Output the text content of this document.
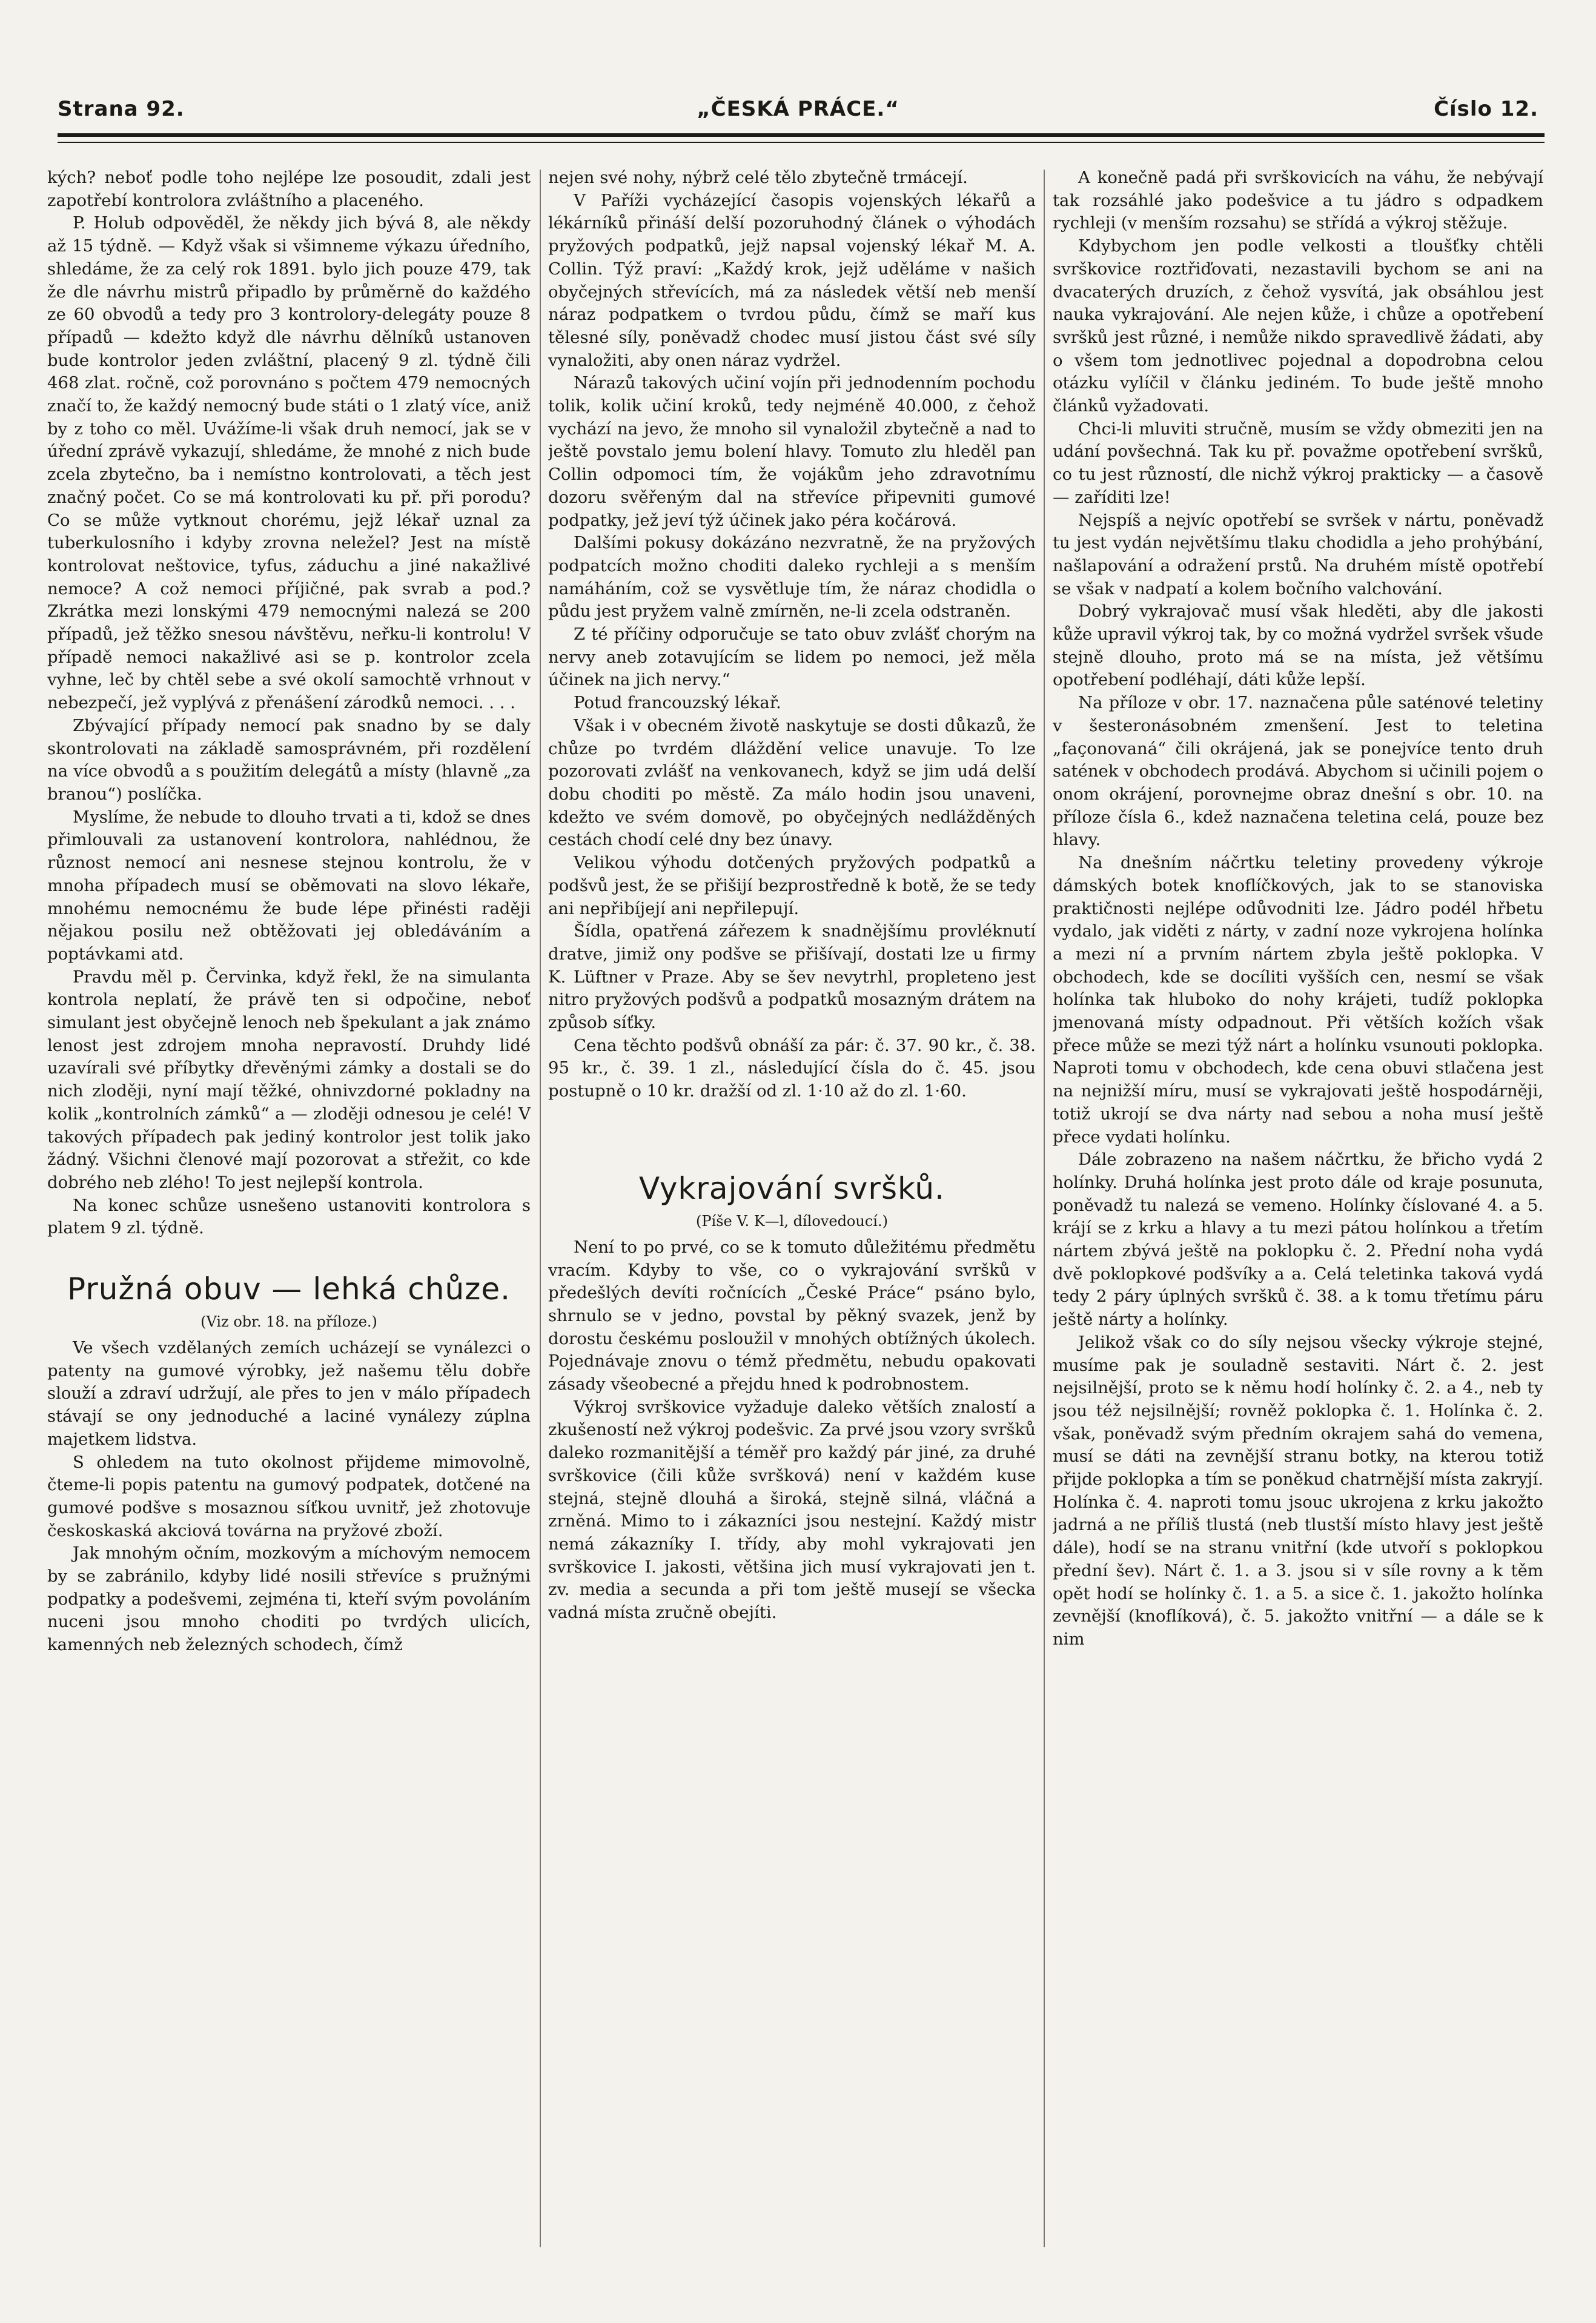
Strana 92.	„ČESKÁ PRÁCE.“	Číslo 12.

kých? neboť podle toho nejlépe lze posoudit, zdali jest zapotřebí kontrolora zvláštního a placeného.

P. Holub odpověděl, že někdy jich bývá 8, ale někdy až 15 týdně. — Když však si všimneme výkazu úředního, shledáme, že za celý rok 1891. bylo jich pouze 479, tak že dle návrhu mistrů připadlo by průměrně do každého ze 60 obvodů a tedy pro 3 kontrolory-delegáty pouze 8 případů — kdežto když dle návrhu dělníků ustanoven bude kontrolor jeden zvláštní, placený 9 zl. týdně čili 468 zlat. ročně, což porovnáno s počtem 479 nemocných značí to, že každý nemocný bude státi o 1 zlatý více, aniž by z toho co měl. Uvážíme-li však druh nemocí, jak se v úřední zprávě vykazují, shledáme, že mnohé z nich bude zcela zbytečno, ba i nemístno kontrolovati, a těch jest značný počet. Co se má kontrolovati ku př. při porodu? Co se může vytknout chorému, jejž lékař uznal za tuberkulosního i kdyby zrovna neležel? Jest na místě kontrolovat neštovice, tyfus, záduchu a jiné nakažlivé nemoce? A což nemoci příjičné, pak svrab a pod.? Zkrátka mezi lonskými 479 nemocnými nalezá se 200 případů, jež těžko snesou návštěvu, neřku-li kontrolu! V případě nemoci nakažlivé asi se p. kontrolor zcela vyhne, leč by chtěl sebe a své okolí samochtě vrhnout v nebezpečí, jež vyplývá z přenášení zárodků nemoci. . . .

Zbývající případy nemocí pak snadno by se daly skontrolovati na základě samosprávném, při rozdělení na více obvodů a s použitím delegátů a místy (hlavně „za branou“) poslíčka.

Myslíme, že nebude to dlouho trvati a ti, kdož se dnes přimlouvali za ustanovení kontrolora, nahlédnou, že různost nemocí ani nesnese stejnou kontrolu, že v mnoha případech musí se oběmovati na slovo lékaře, mnohému nemocnému že bude lépe přinésti raději nějakou posilu než obtěžovati jej obledáváním a poptávkami atd.

Pravdu měl p. Červinka, když řekl, že na simulanta kontrola neplatí, že právě ten si odpočine, neboť simulant jest obyčejně lenoch neb špekulant a jak známo lenost jest zdrojem mnoha nepravostí. Druhdy lidé uzavírali své příbytky dřevěnými zámky a dostali se do nich zloději, nyní mají těžké, ohnivzdorné pokladny na kolik „kontrolních zámků“ a — zloději odnesou je celé! V takových případech pak jediný kontrolor jest tolik jako žádný. Všichni členové mají pozorovat a střežit, co kde dobrého neb zlého! To jest nejlepší kontrola.

Na konec schůze usnešeno ustanoviti kontrolora s platem 9 zl. týdně.

Pružná obuv — lehká chůze.
(Viz obr. 18. na příloze.)

Ve všech vzdělaných zemích ucházejí se vynálezci o patenty na gumové výrobky, jež našemu tělu dobře slouží a zdraví udržují, ale přes to jen v málo případech stávají se ony jednoduché a laciné vynálezy zúplna majetkem lidstva.

S ohledem na tuto okolnost přijdeme mimovolně, čteme-li popis patentu na gumový podpatek, dotčené na gumové podšve s mosaznou síťkou uvnitř, jež zhotovuje českoskaská akciová továrna na pryžové zboží.

Jak mnohým očním, mozkovým a míchovým nemocem by se zabránilo, kdyby lidé nosili střevíce s pružnými podpatky a podešvemi, zejména ti, kteří svým povoláním nuceni jsou mnoho choditi po tvrdých ulicích, kamenných neb železných schodech, čímž

nejen své nohy, nýbrž celé tělo zbytečně trmácejí.

V Paříži vycházející časopis vojenských lékařů a lékárníků přináší delší pozoruhodný článek o výhodách pryžových podpatků, jejž napsal vojenský lékař M. A. Collin. Týž praví: „Každý krok, jejž uděláme v našich obyčejných střevících, má za následek větší neb menší náraz podpatkem o tvrdou půdu, čímž se maří kus tělesné síly, poněvadž chodec musí jistou část své síly vynaložiti, aby onen náraz vydržel.

Nárazů takových učiní vojín při jednodenním pochodu tolik, kolik učiní kroků, tedy nejméně 40.000, z čehož vychází na jevo, že mnoho sil vynaložil zbytečně a nad to ještě povstalo jemu bolení hlavy. Tomuto zlu hleděl pan Collin odpomoci tím, že vojákům jeho zdravotnímu dozoru svěřeným dal na střevíce připevniti gumové podpatky, jež jeví týž účinek jako péra kočárová.

Dalšími pokusy dokázáno nezvratně, že na pryžových podpatcích možno choditi daleko rychleji a s menším namáháním, což se vysvětluje tím, že náraz chodidla o půdu jest pryžem valně zmírněn, ne-li zcela odstraněn.

Z té příčiny odporučuje se tato obuv zvlášť chorým na nervy aneb zotavujícím se lidem po nemoci, jež měla účinek na jich nervy.“

Potud francouzský lékař.

Však i v obecném životě naskytuje se dosti důkazů, že chůze po tvrdém dláždění velice unavuje. To lze pozorovati zvlášť na venkovanech, když se jim udá delší dobu choditi po městě. Za málo hodin jsou unaveni, kdežto ve svém domově, po obyčejných nedlážděných cestách chodí celé dny bez únavy.

Velikou výhodu dotčených pryžových podpatků a podšvů jest, že se přišijí bezprostředně k botě, že se tedy ani nepřibíjejí ani nepřilepují.

Šídla, opatřená zářezem k snadnějšímu provléknutí dratve, jimiž ony podšve se přišívají, dostati lze u firmy K. Lüftner v Praze. Aby se šev nevytrhl, propleteno jest nitro pryžových podšvů a podpatků mosazným drátem na způsob síťky.

Cena těchto podšvů obnáší za pár: č. 37. 90 kr., č. 38. 95 kr., č. 39. 1 zl., následující čísla do č. 45. jsou postupně o 10 kr. dražší od zl. 1·10 až do zl. 1·60.

Vykrajování svršků.
(Píše V. K—l, dílovedoucí.)

Není to po prvé, co se k tomuto důležitému předmětu vracím. Kdyby to vše, co o vykrajování svršků v předešlých devíti ročnících „České Práce“ psáno bylo, shrnulo se v jedno, povstal by pěkný svazek, jenž by dorostu českému posloužil v mnohých obtížných úkolech. Pojednávaje znovu o témž předmětu, nebudu opakovati zásady všeobecné a přejdu hned k podrobnostem.

Výkroj svrškovice vyžaduje daleko větších znalostí a zkušeností než výkroj podešvic. Za prvé jsou vzory svršků daleko rozmanitější a téměř pro každý pár jiné, za druhé svrškovice (čili kůže svršková) není v každém kuse stejná, stejně dlouhá a široká, stejně silná, vláčná a zrněná. Mimo to i zákazníci jsou nestejní. Každý mistr nemá zákazníky I. třídy, aby mohl vykrajovati jen svrškovice I. jakosti, většina jich musí vykrajovati jen t. zv. media a secunda a při tom ještě musejí se všecka vadná místa zručně obejíti.

A konečně padá při svrškovicích na váhu, že nebývají tak rozsáhlé jako podešvice a tu jádro s odpadkem rychleji (v menším rozsahu) se střídá a výkroj stěžuje.

Kdybychom jen podle velkosti a tloušťky chtěli svrškovice roztřiďovati, nezastavili bychom se ani na dvacaterých druzích, z čehož vysvítá, jak obsáhlou jest nauka vykrajování. Ale nejen kůže, i chůze a opotřebení svršků jest různé, i nemůže nikdo spravedlivě žádati, aby o všem tom jednotlivec pojednal a dopodrobna celou otázku vylíčil v článku jediném. To bude ještě mnoho článků vyžadovati.

Chci-li mluviti stručně, musím se vždy obmeziti jen na udání povšechná. Tak ku př. považme opotřebení svršků, co tu jest růzností, dle nichž výkroj prakticky — a časově — zaříditi lze!

Nejspíš a nejvíc opotřebí se svršek v nártu, poněvadž tu jest vydán největšímu tlaku chodidla a jeho prohýbání, našlapování a odražení prstů. Na druhém místě opotřebí se však v nadpatí a kolem bočního valchování.

Dobrý vykrajovač musí však hleděti, aby dle jakosti kůže upravil výkroj tak, by co možná vydržel svršek všude stejně dlouho, proto má se na místa, jež většímu opotřebení podléhají, dáti kůže lepší.

Na příloze v obr. 17. naznačena půle saténové teletiny v šesteronásobném zmenšení. Jest to teletina „façonovaná“ čili okrájená, jak se ponejvíce tento druh satének v obchodech prodává. Abychom si učinili pojem o onom okrájení, porovnejme obraz dnešní s obr. 10. na příloze čísla 6., kdež naznačena teletina celá, pouze bez hlavy.

Na dnešním náčrtku teletiny provedeny výkroje dámských botek knoflíčkových, jak to se stanoviska praktičnosti nejlépe odůvodniti lze. Jádro podél hřbetu vydalo, jak viděti z nárty, v zadní noze vykrojena holínka a mezi ní a prvním nártem zbyla ještě poklopka. V obchodech, kde se docíliti vyšších cen, nesmí se však holínka tak hluboko do nohy krájeti, tudíž poklopka jmenovaná místy odpadnout. Při větších kožích však přece může se mezi týž nárt a holínku vsunouti poklopka. Naproti tomu v obchodech, kde cena obuvi stlačena jest na nejnižší míru, musí se vykrajovati ještě hospodárněji, totiž ukrojí se dva nárty nad sebou a noha musí ještě přece vydati holínku.

Dále zobrazeno na našem náčrtku, že břicho vydá 2 holínky. Druhá holínka jest proto dále od kraje posunuta, poněvadž tu nalezá se vemeno. Holínky číslované 4. a 5. krájí se z krku a hlavy a tu mezi pátou holínkou a třetím nártem zbývá ještě na poklopku č. 2. Přední noha vydá dvě poklopkové podšvíky a a. Celá teletinka taková vydá tedy 2 páry úplných svršků č. 38. a k tomu třetímu páru ještě nárty a holínky.

Jelikož však co do síly nejsou všecky výkroje stejné, musíme pak je souladně sestaviti. Nárt č. 2. jest nejsilnější, proto se k němu hodí holínky č. 2. a 4., neb ty jsou též nejsilnější; rovněž poklopka č. 1. Holínka č. 2. však, poněvadž svým předním okrajem sahá do vemena, musí se dáti na zevnější stranu botky, na kterou totiž přijde poklopka a tím se poněkud chatrnější místa zakryjí. Holínka č. 4. naproti tomu jsouc ukrojena z krku jakožto jadrná a ne příliš tlustá (neb tlustší místo hlavy jest ještě dále), hodí se na stranu vnitřní (kde utvoří s poklopkou přední šev). Nárt č. 1. a 3. jsou si v síle rovny a k těm opět hodí se holínky č. 1. a 5. a sice č. 1. jakožto holínka zevnější (knoflíková), č. 5. jakožto vnitřní — a dále se k nim
